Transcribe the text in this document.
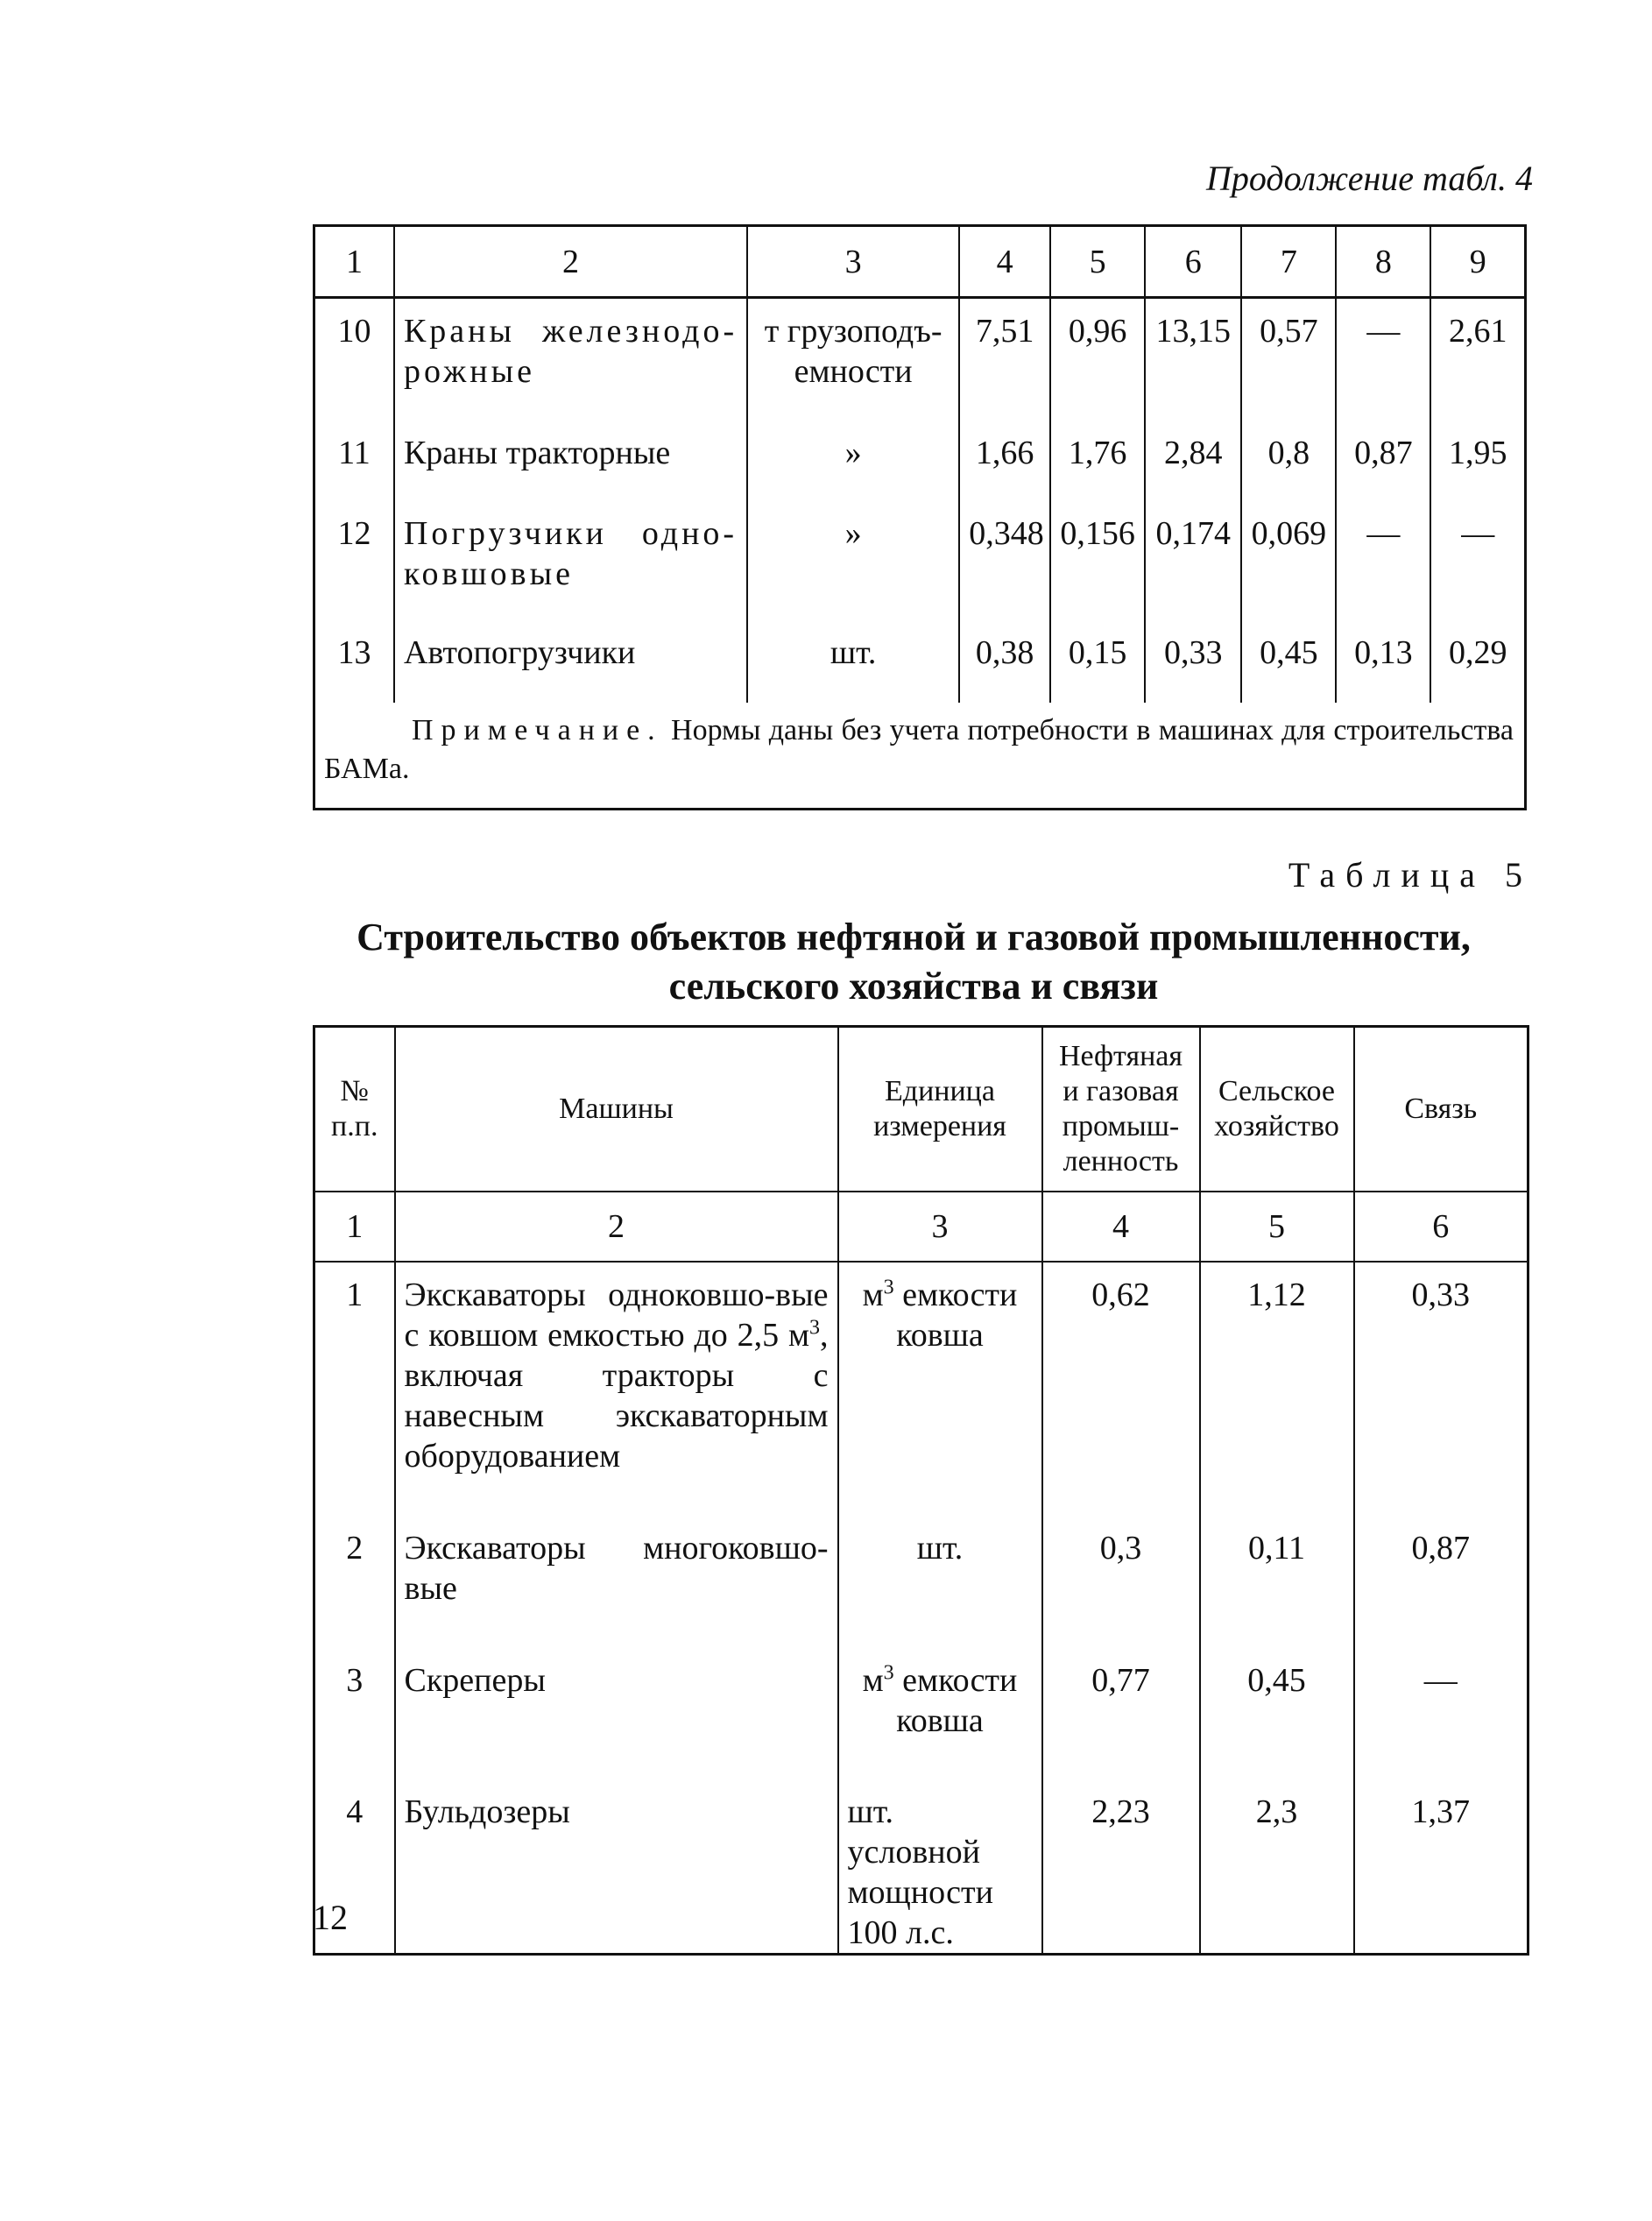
Продолжение табл. 4
1	2	3	4	5	6	7	8	9
10	Краны железнодо-рожные	т грузоподъ-емности	7,51	0,96	13,15	0,57	—	2,61
11	Краны тракторные	»	1,66	1,76	2,84	0,8	0,87	1,95
12	Погрузчики одно-ковшовые	»	0,348	0,156	0,174	0,069	—	—
13	Автопогрузчики	шт.	0,38	0,15	0,33	0,45	0,13	0,29
Примечание. Нормы даны без учета потребности в машинах для строительства БАМа.								
Таблица 5
Строительство объектов нефтяной и газовой промышленности,
сельского хозяйства и связи
№ п.п.	Машины	Единица измерения	Нефтяная и газовая промыш-ленность	Сельское хозяйство	Связь
1	2	3	4	5	6
1	Экскаваторы одноковшо-вые с ковшом емкостью до 2,5 $м^3$, включая тракторы с навесным экскаваторным оборудованием	$м^3$ емкости ковша	0,62	1,12	0,33
2	Экскаваторы многоковшо-вые	шт.	0,3	0,11	0,87
3	Скреперы	$м^3$ емкости ковша	0,77	0,45	—
4	Бульдозеры	шт. условной мощности 100 л.с.	2,23	2,3	1,37
12
